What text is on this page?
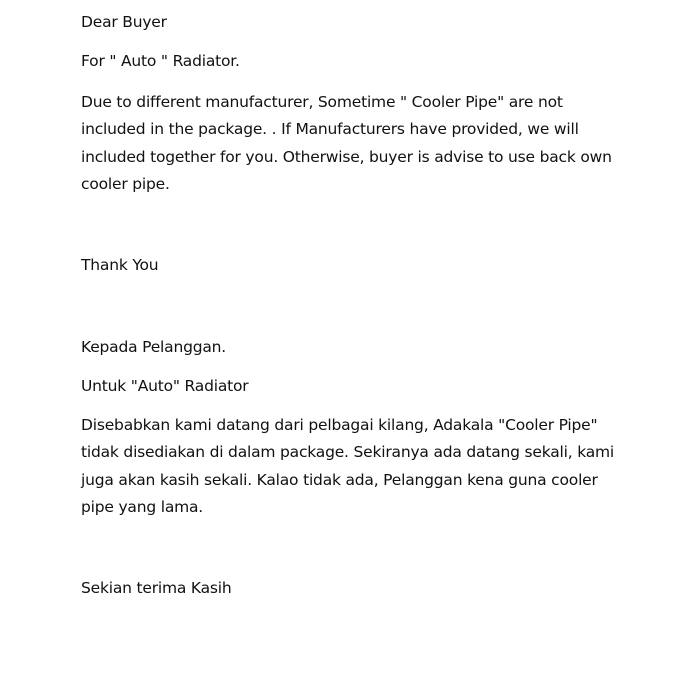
Dear Buyer

For " Auto " Radiator.

Due to different manufacturer, Sometime " Cooler Pipe" are not
included in the package. . If Manufacturers have provided, we will
included together for you. Otherwise, buyer is advise to use back own
cooler pipe.

Thank You

Kepada Pelanggan.

Untuk "Auto" Radiator

Disebabkan kami datang dari pelbagai kilang, Adakala "Cooler Pipe"
tidak disediakan di dalam package. Sekiranya ada datang sekali, kami
juga akan kasih sekali. Kalao tidak ada, Pelanggan kena guna cooler
pipe yang lama.

Sekian terima Kasih
